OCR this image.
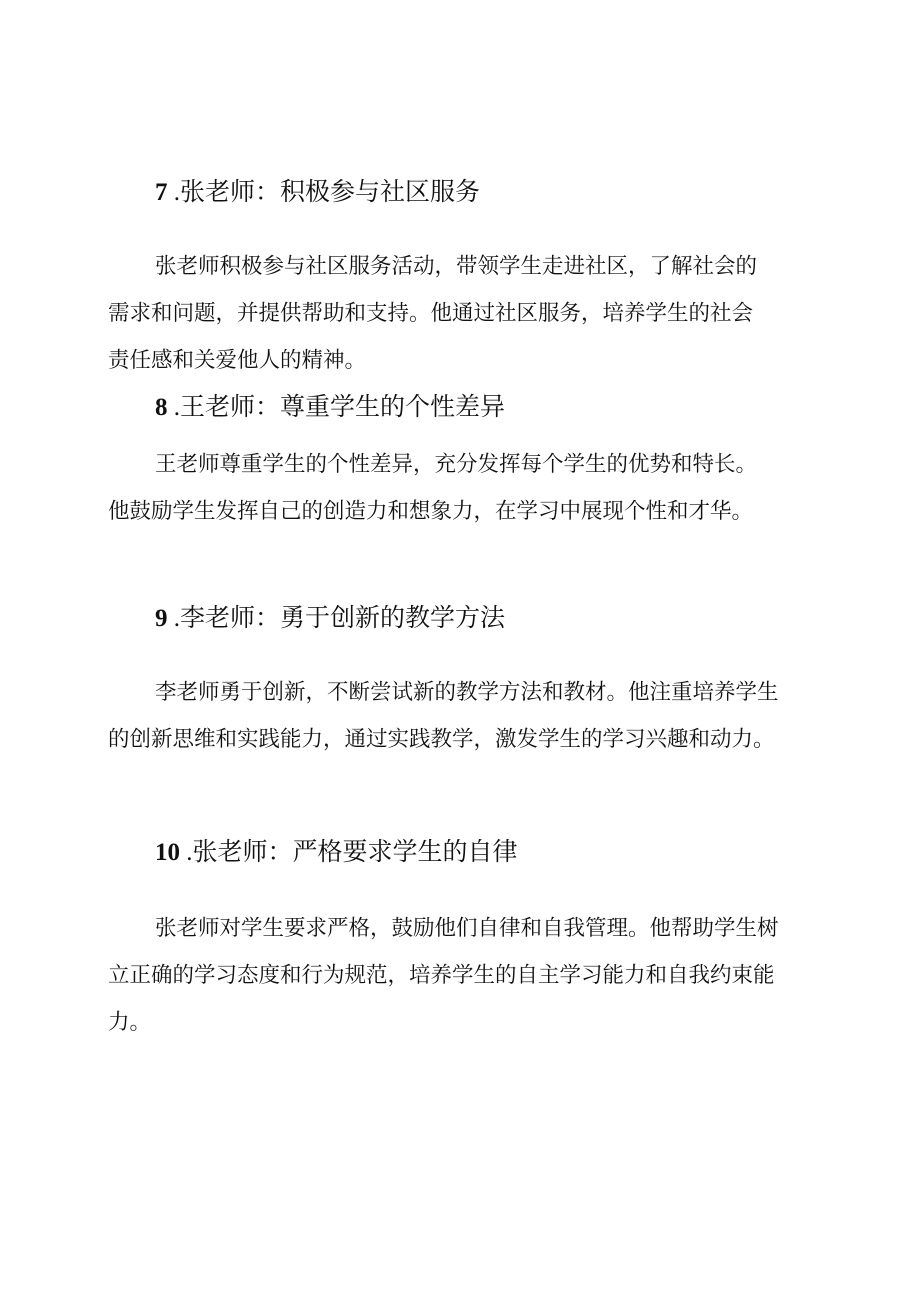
7 .张老师：积极参与社区服务
张老师积极参与社区服务活动，带领学生走进社区，了解社会的
需求和问题，并提供帮助和支持。他通过社区服务，培养学生的社会
责任感和关爱他人的精神。
8 .王老师：尊重学生的个性差异
王老师尊重学生的个性差异，充分发挥每个学生的优势和特长。
他鼓励学生发挥自己的创造力和想象力，在学习中展现个性和才华。
9 .李老师：勇于创新的教学方法
李老师勇于创新，不断尝试新的教学方法和教材。他注重培养学生
的创新思维和实践能力，通过实践教学，激发学生的学习兴趣和动力。
10 .张老师：严格要求学生的自律
张老师对学生要求严格，鼓励他们自律和自我管理。他帮助学生树
立正确的学习态度和行为规范，培养学生的自主学习能力和自我约束能
力。
